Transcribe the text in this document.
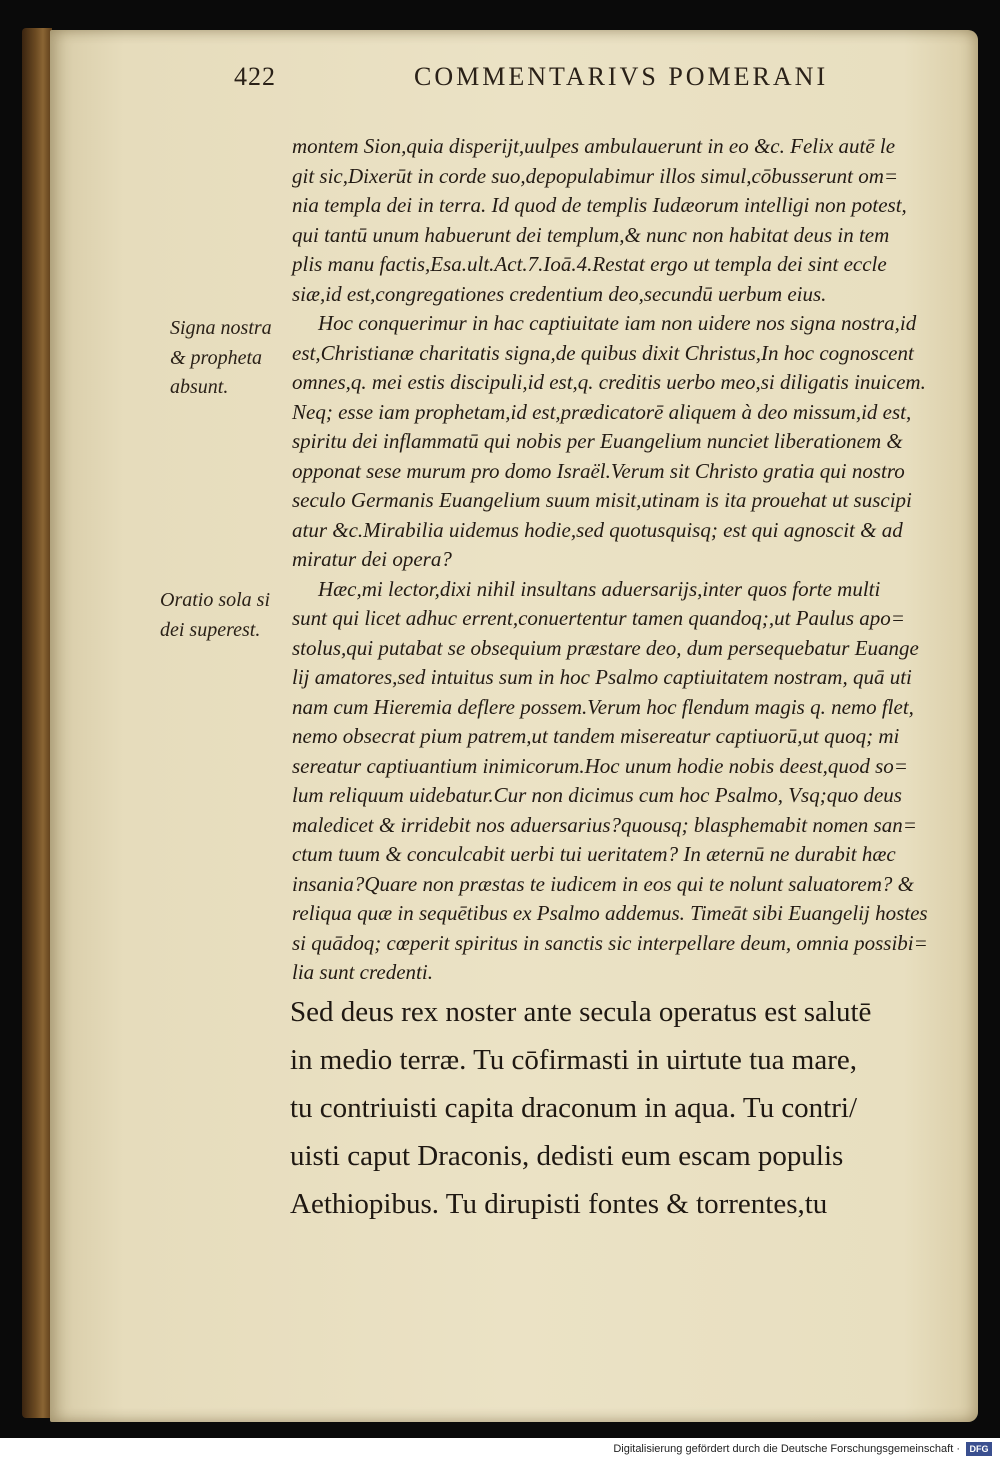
422	COMMENTARIVS POMERANI
Signa nostra
& propheta
absunt.
Oratio sola si
dei superest.
montem Sion,quia disperijt,uulpes ambulauerunt in eo &c. Felix autē le
git sic,Dixerūt in corde suo,depopulabimur illos simul,cōbusserunt om=
nia templa dei in terra. Id quod de templis Iudæorum intelligi non potest,
qui tantū unum habuerunt dei templum,& nunc non habitat deus in tem
plis manu factis,Esa.ult.Act.7.Ioā.4.Restat ergo ut templa dei sint eccle
siæ,id est,congregationes credentium deo,secundū uerbum eius.
Hoc conquerimur in hac captiuitate iam non uidere nos signa nostra,id
est,Christianæ charitatis signa,de quibus dixit Christus,In hoc cognoscent
omnes,q. mei estis discipuli,id est,q. creditis uerbo meo,si diligatis inuicem.
Neq; esse iam prophetam,id est,prædicatorē aliquem à deo missum,id est,
spiritu dei inflammatū qui nobis per Euangelium nunciet liberationem &
opponat sese murum pro domo Israël.Verum sit Christo gratia qui nostro
seculo Germanis Euangelium suum misit,utinam is ita prouehat ut suscipi
atur &c.Mirabilia uidemus hodie,sed quotusquisq; est qui agnoscit & ad
miratur dei opera?
Hæc,mi lector,dixi nihil insultans aduersarijs,inter quos forte multi
sunt qui licet adhuc errent,conuertentur tamen quandoq;,ut Paulus apo=
stolus,qui putabat se obsequium præstare deo, dum persequebatur Euange
lij amatores,sed intuitus sum in hoc Psalmo captiuitatem nostram, quā uti
nam cum Hieremia deflere possem.Verum hoc flendum magis q. nemo flet,
nemo obsecrat pium patrem,ut tandem misereatur captiuorū,ut quoq; mi
sereatur captiuantium inimicorum.Hoc unum hodie nobis deest,quod so=
lum reliquum uidebatur.Cur non dicimus cum hoc Psalmo, Vsq;quo deus
maledicet & irridebit nos aduersarius?quousq; blasphemabit nomen san=
ctum tuum & conculcabit uerbi tui ueritatem? In æternū ne durabit hæc
insania?Quare non præstas te iudicem in eos qui te nolunt saluatorem? &
reliqua quæ in sequētibus ex Psalmo addemus. Timeāt sibi Euangelij hostes
si quādoq; cœperit spiritus in sanctis sic interpellare deum, omnia possibi=
lia sunt credenti.
Sed deus rex noster ante secula operatus est salutē
in medio terræ. Tu cōfirmasti in uirtute tua mare,
tu contriuisti capita draconum in aqua. Tu contri/
uisti caput Draconis, dedisti eum escam populis
Aethiopibus. Tu dirupisti fontes & torrentes,tu
Digitalisierung gefördert durch die Deutsche Forschungsgemeinschaft ·	DFG
